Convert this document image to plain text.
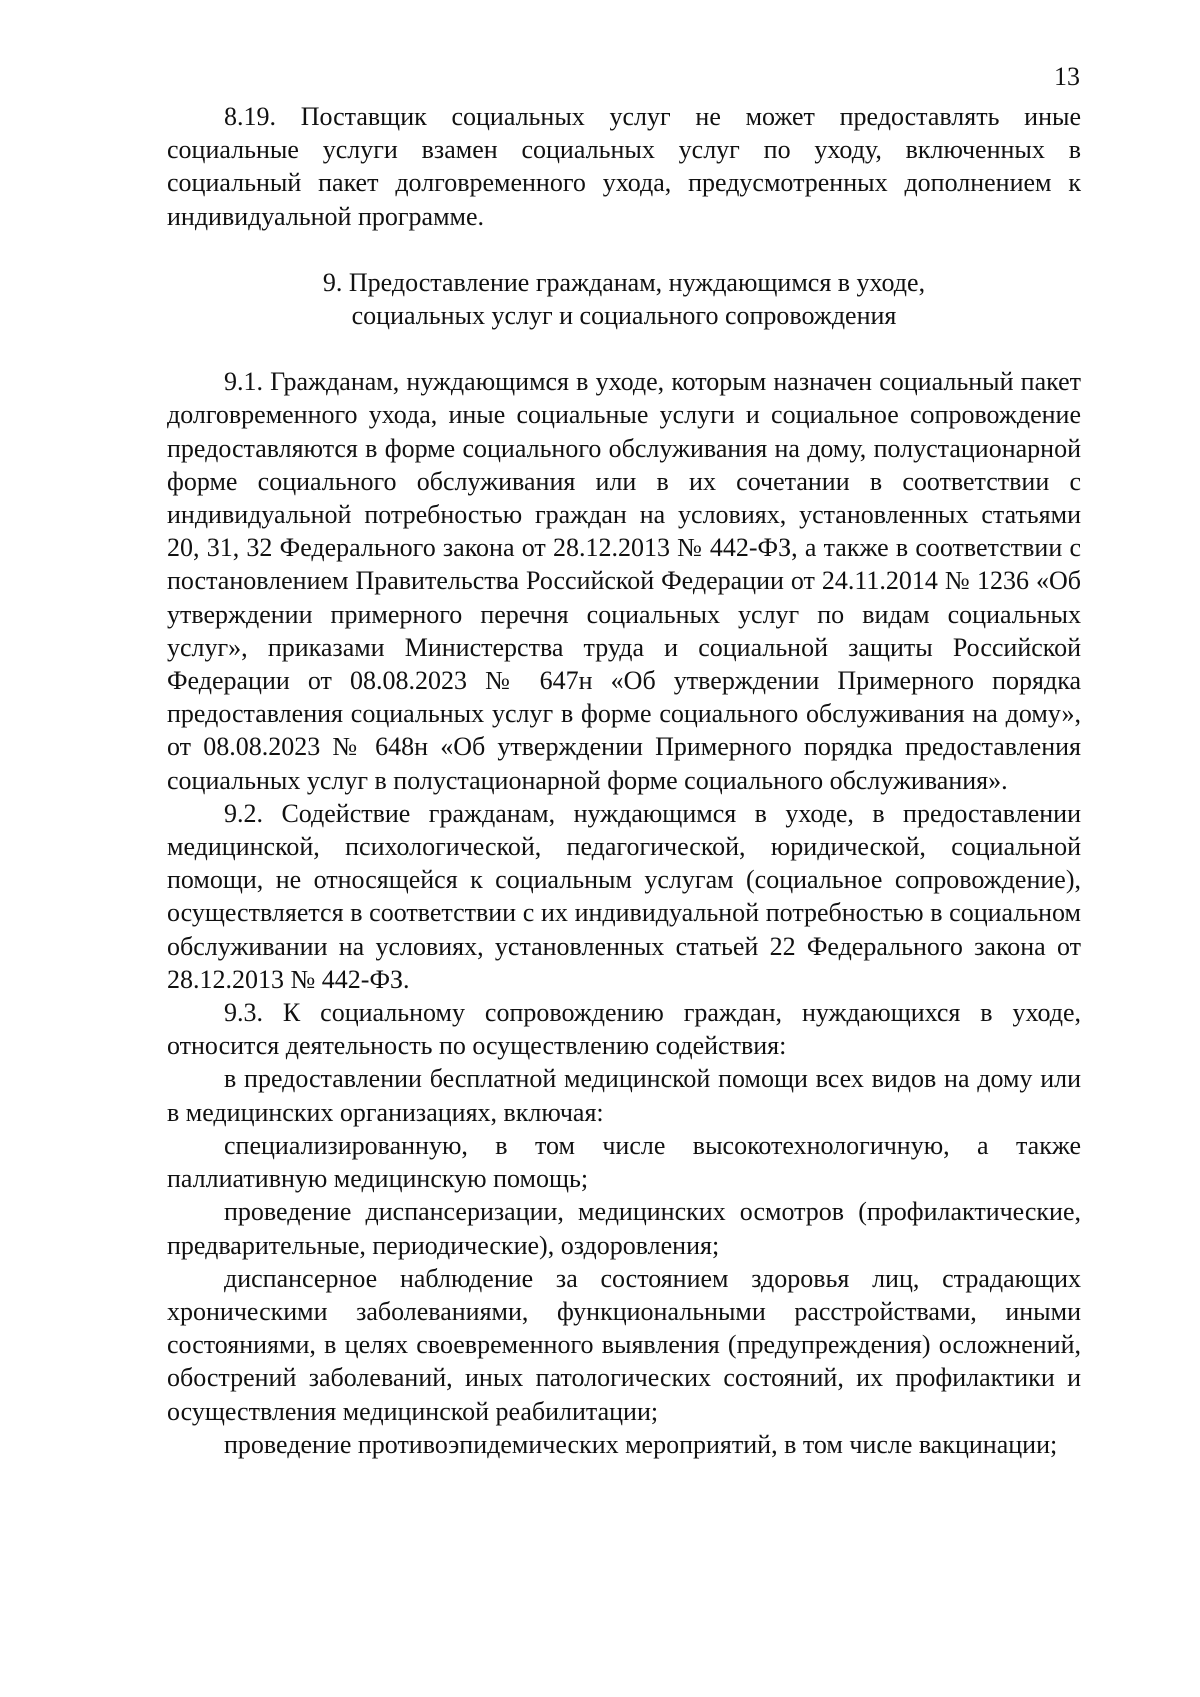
13

8.19. Поставщик социальных услуг не может предоставлять иные социальные услуги взамен социальных услуг по уходу, включенных в социальный пакет долговременного ухода, предусмотренных дополнением к индивидуальной программе.

9. Предоставление гражданам, нуждающимся в уходе,
социальных услуг и социального сопровождения

9.1. Гражданам, нуждающимся в уходе, которым назначен социальный пакет долговременного ухода, иные социальные услуги и социальное сопровождение предоставляются в форме социального обслуживания на дому, полустационарной форме социального обслуживания или в их сочетании в соответствии с индивидуальной потребностью граждан на условиях, установленных статьями 20, 31, 32 Федерального закона от 28.12.2013 № 442-ФЗ, а также в соответствии с постановлением Правительства Российской Федерации от 24.11.2014 № 1236 «Об утверждении примерного перечня социальных услуг по видам социальных услуг», приказами Министерства труда и социальной защиты Российской Федерации от 08.08.2023 № 647н «Об утверждении Примерного порядка предоставления социальных услуг в форме социального обслуживания на дому», от 08.08.2023 № 648н «Об утверждении Примерного порядка предоставления социальных услуг в полустационарной форме социального обслуживания».

9.2. Содействие гражданам, нуждающимся в уходе, в предоставлении медицинской, психологической, педагогической, юридической, социальной помощи, не относящейся к социальным услугам (социальное сопровождение), осуществляется в соответствии с их индивидуальной потребностью в социальном обслуживании на условиях, установленных статьей 22 Федерального закона от 28.12.2013 № 442-ФЗ.

9.3. К социальному сопровождению граждан, нуждающихся в уходе, относится деятельность по осуществлению содействия:

в предоставлении бесплатной медицинской помощи всех видов на дому или в медицинских организациях, включая:
специализированную, в том числе высокотехнологичную, а также паллиативную медицинскую помощь;
проведение диспансеризации, медицинских осмотров (профилактические, предварительные, периодические), оздоровления;
диспансерное наблюдение за состоянием здоровья лиц, страдающих хроническими заболеваниями, функциональными расстройствами, иными состояниями, в целях своевременного выявления (предупреждения) осложнений, обострений заболеваний, иных патологических состояний, их профилактики и осуществления медицинской реабилитации;
проведение противоэпидемических мероприятий, в том числе вакцинации;
